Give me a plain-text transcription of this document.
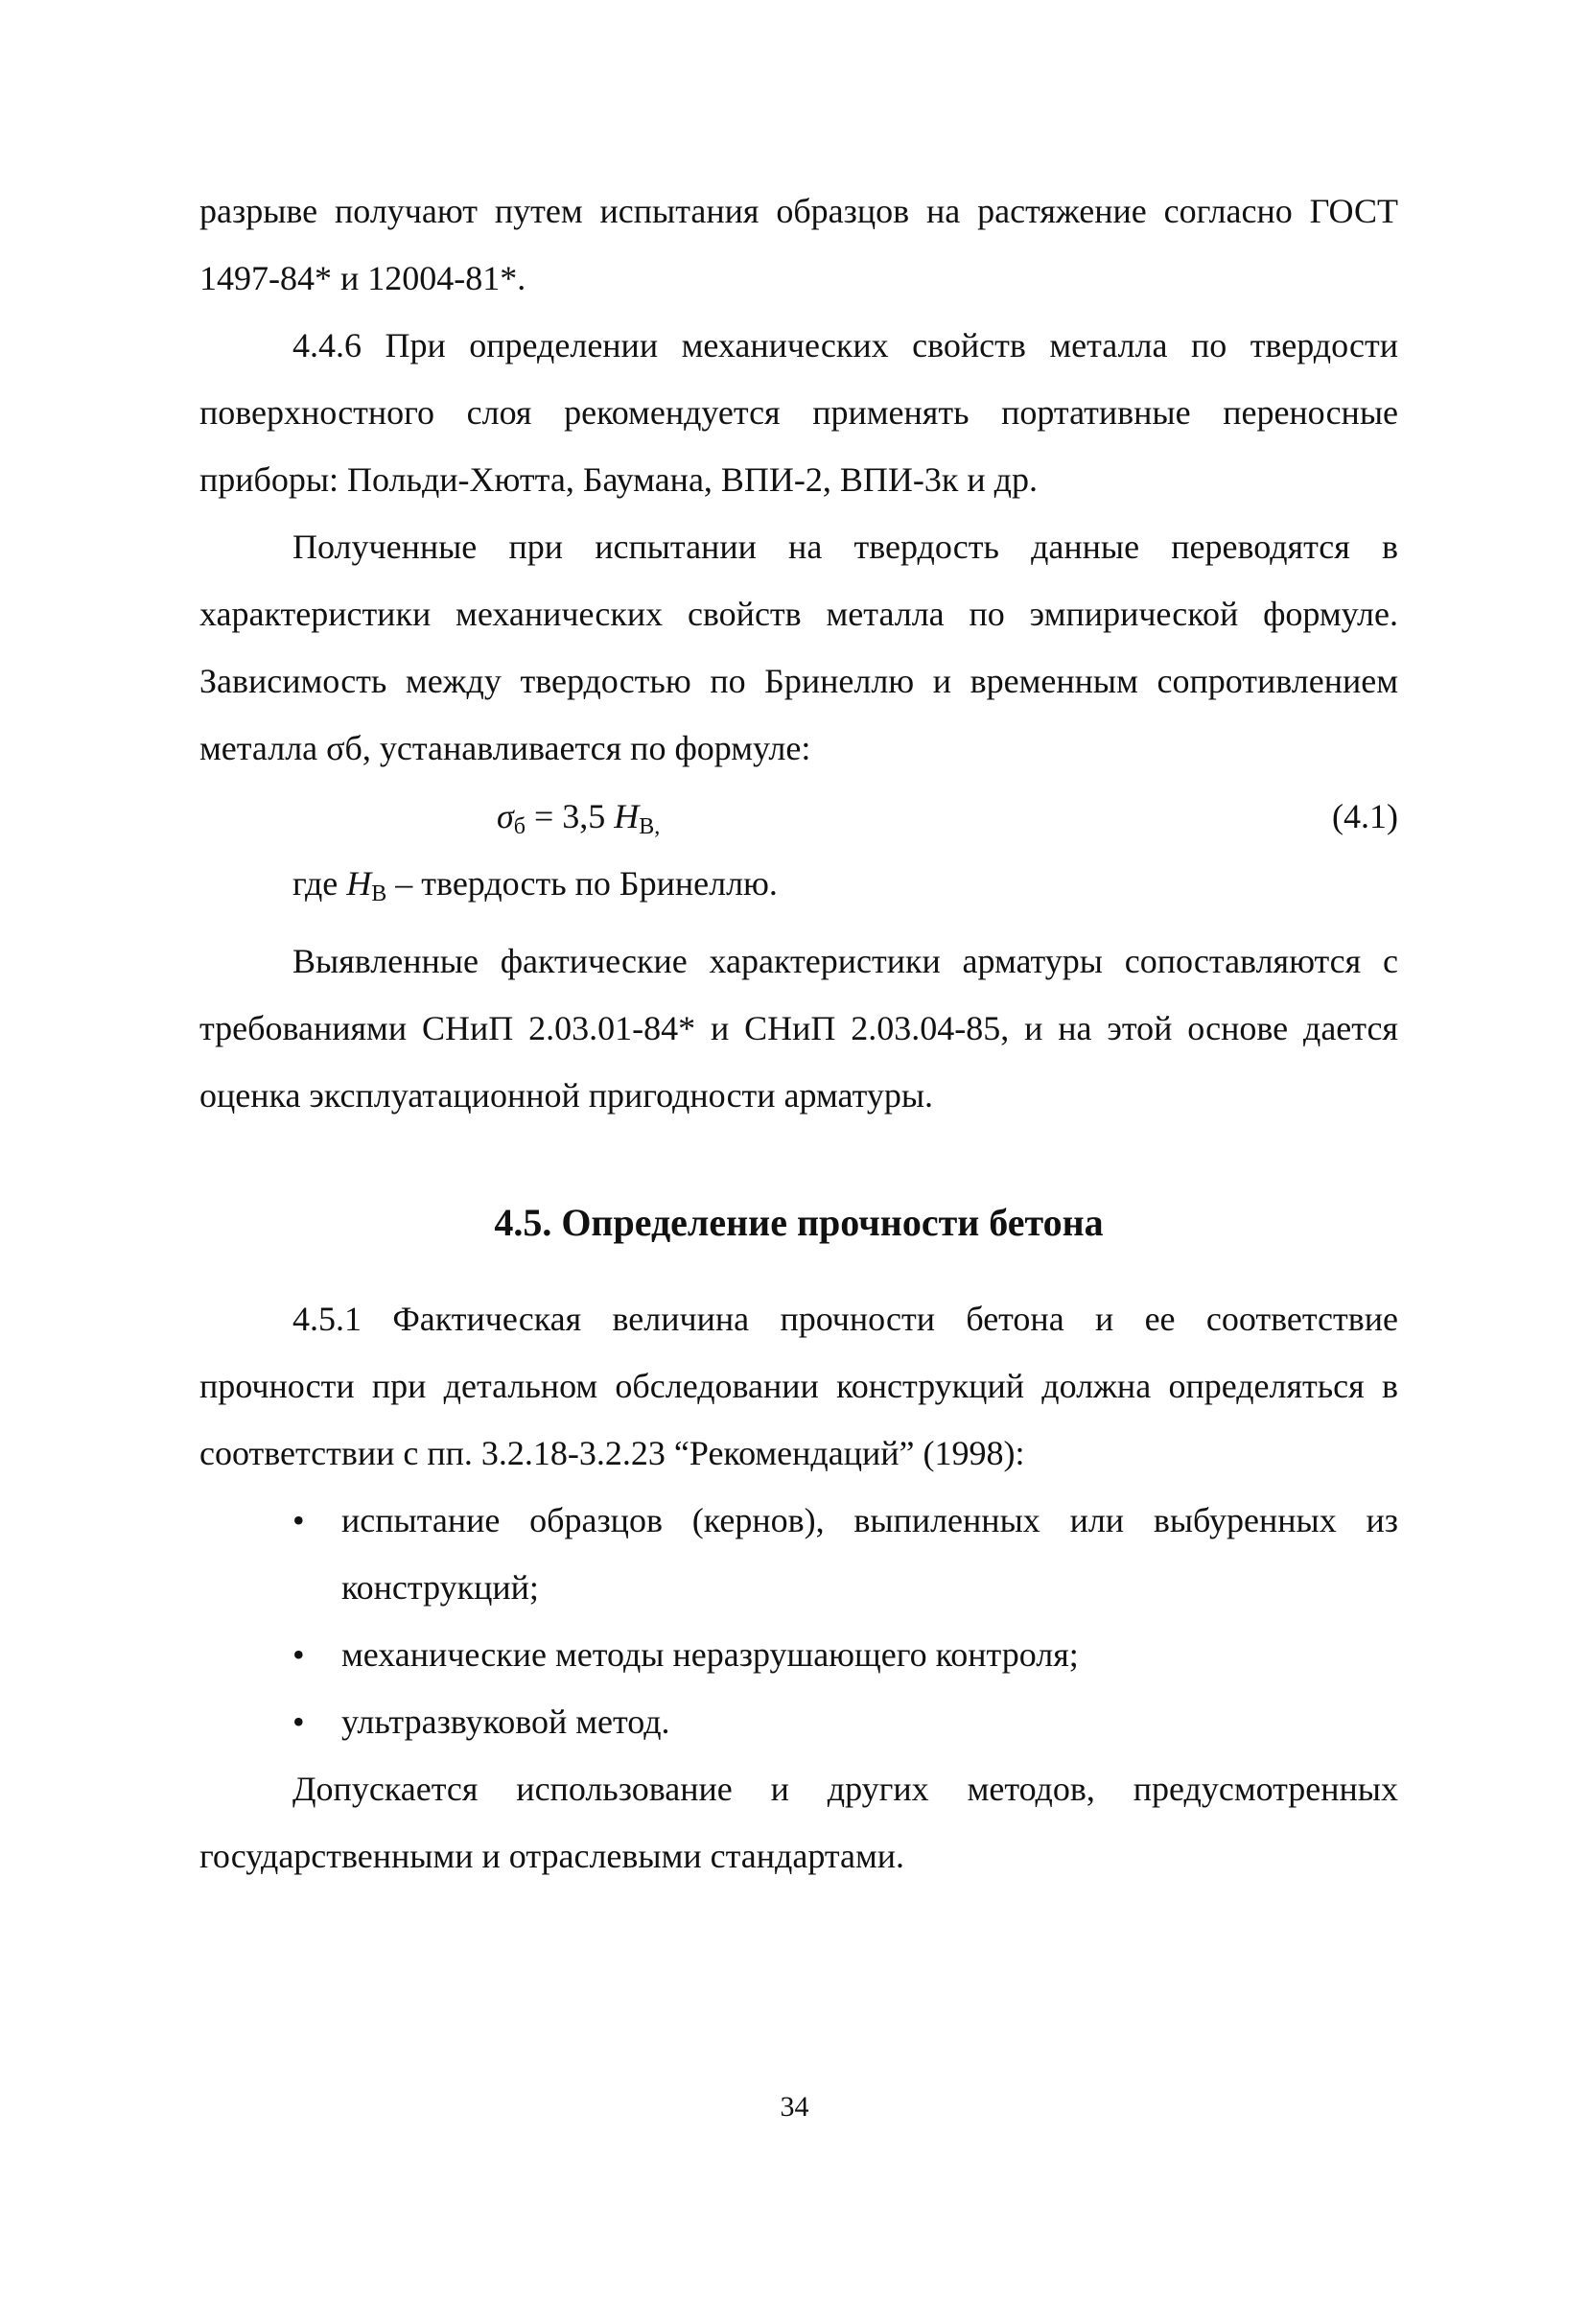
разрыве получают путем испытания образцов на растяжение согласно ГОСТ 1497-84* и 12004-81*.

4.4.6 При определении механических свойств металла по твердости поверхностного слоя рекомендуется применять портативные переносные приборы: Польди-Хютта, Баумана, ВПИ-2, ВПИ-3к и др.

Полученные при испытании на твердость данные переводятся в характеристики механических свойств металла по эмпирической формуле. Зависимость между твердостью по Бринеллю и временным сопротивлением металла σб, устанавливается по формуле:

$\sigma_б = 3,5$ $H_{B,}$	(4.1)

где $H_B$ – твердость по Бринеллю.

Выявленные фактические характеристики арматуры сопоставляются с требованиями СНиП 2.03.01-84* и СНиП 2.03.04-85, и на этой основе дается оценка эксплуатационной пригодности арматуры.

4.5. Определение прочности бетона

4.5.1 Фактическая величина прочности бетона и ее соответствие прочности при детальном обследовании конструкций должна определяться в соответствии с пп. 3.2.18-3.2.23 “Рекомендаций” (1998):

• испытание образцов (кернов), выпиленных или выбуренных из конструкций;
• механические методы неразрушающего контроля;
• ультразвуковой метод.

Допускается использование и других методов, предусмотренных государственными и отраслевыми стандартами.

34
